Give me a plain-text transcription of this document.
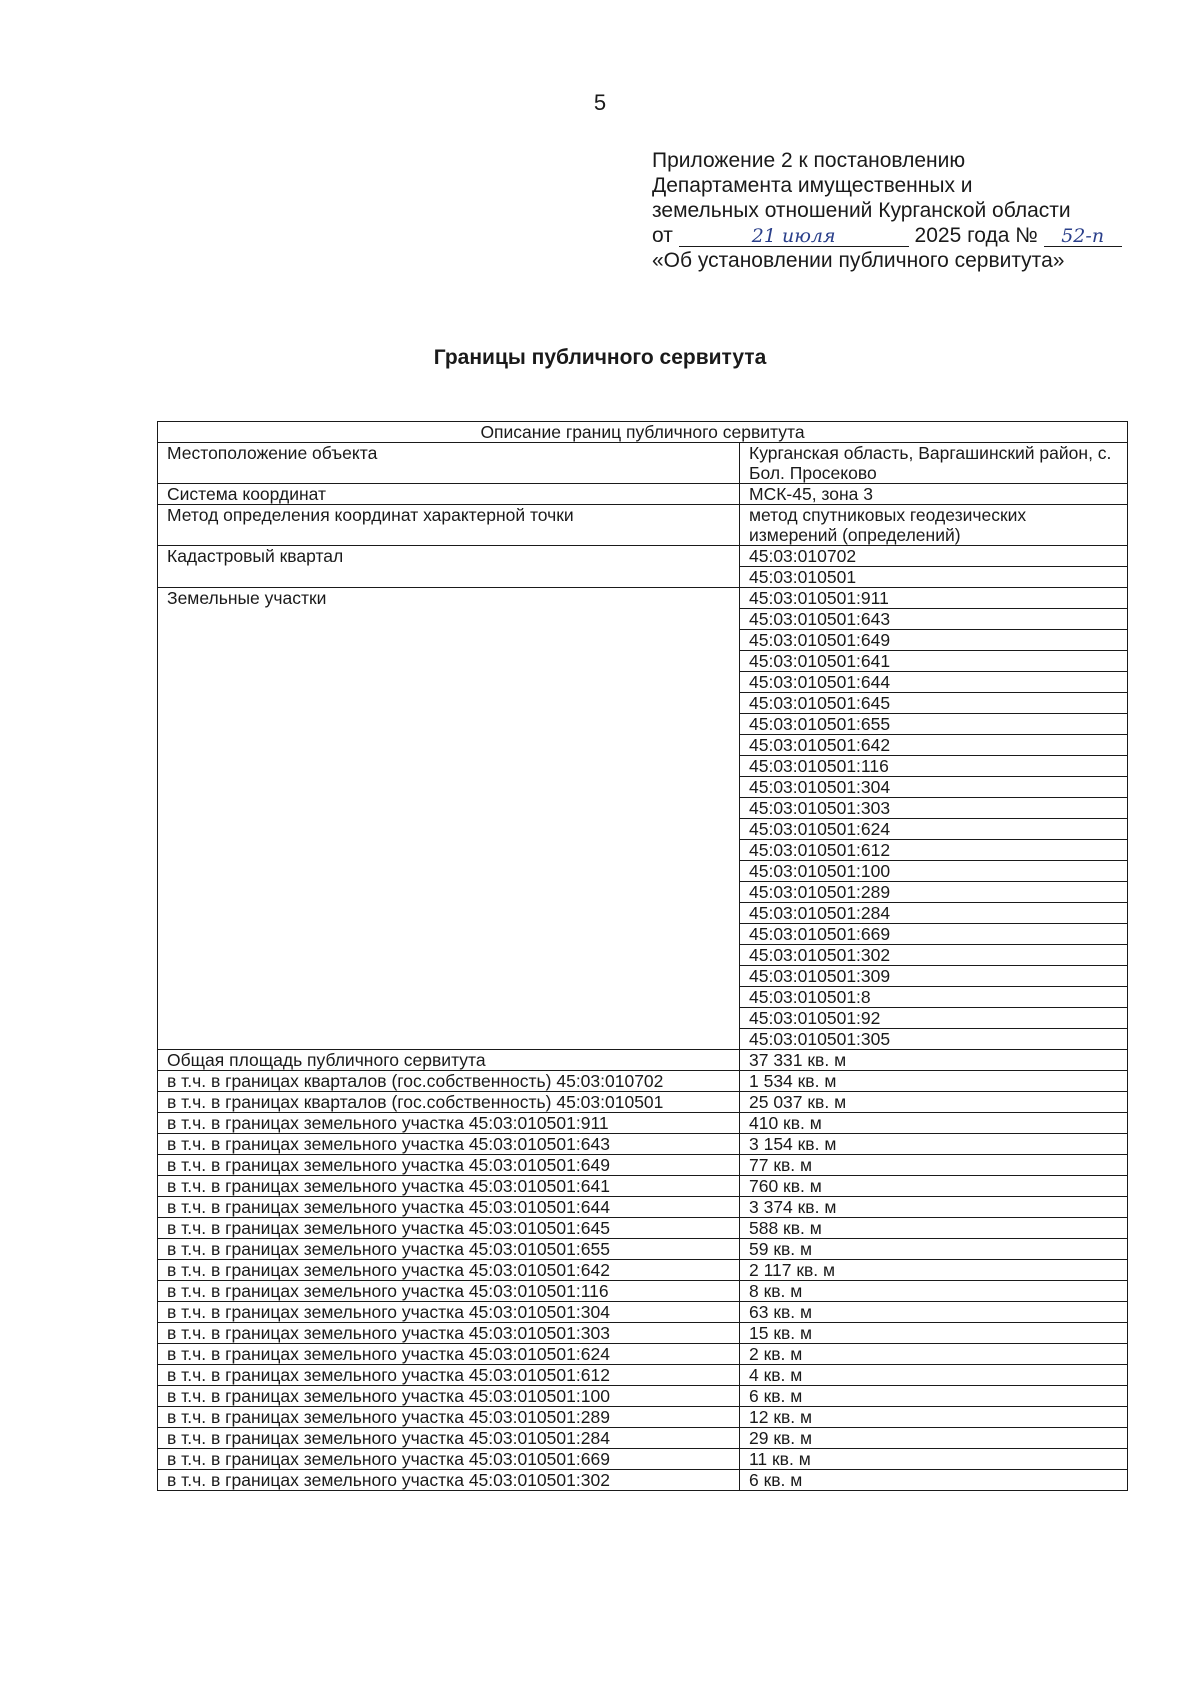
5
Приложение 2 к постановлению
Департамента имущественных и
земельных отношений Курганской области
от	21 июля	2025 года № 52-п
«Об установлении публичного сервитута»
Границы публичного сервитута
Описание границ публичного сервитута	
Местоположение объекта	Курганская область, Варгашинский район, с. Бол. Просеково
Система координат	МСК-45, зона 3
Метод определения координат характерной точки	метод спутниковых геодезических измерений (определений)
Кадастровый квартал	45:03:010702
	45:03:010501
Земельные участки	45:03:010501:911
	45:03:010501:643
	45:03:010501:649
	45:03:010501:641
	45:03:010501:644
	45:03:010501:645
	45:03:010501:655
	45:03:010501:642
	45:03:010501:116
	45:03:010501:304
	45:03:010501:303
	45:03:010501:624
	45:03:010501:612
	45:03:010501:100
	45:03:010501:289
	45:03:010501:284
	45:03:010501:669
	45:03:010501:302
	45:03:010501:309
	45:03:010501:8
	45:03:010501:92
	45:03:010501:305
Общая площадь публичного сервитута	37 331 кв. м
в т.ч. в границах кварталов (гос.собственность) 45:03:010702	1 534 кв. м
в т.ч. в границах кварталов (гос.собственность) 45:03:010501	25 037 кв. м
в т.ч. в границах земельного участка 45:03:010501:911	410 кв. м
в т.ч. в границах земельного участка 45:03:010501:643	3 154 кв. м
в т.ч. в границах земельного участка 45:03:010501:649	77 кв. м
в т.ч. в границах земельного участка 45:03:010501:641	760 кв. м
в т.ч. в границах земельного участка 45:03:010501:644	3 374 кв. м
в т.ч. в границах земельного участка 45:03:010501:645	588 кв. м
в т.ч. в границах земельного участка 45:03:010501:655	59 кв. м
в т.ч. в границах земельного участка 45:03:010501:642	2 117 кв. м
в т.ч. в границах земельного участка 45:03:010501:116	8 кв. м
в т.ч. в границах земельного участка 45:03:010501:304	63 кв. м
в т.ч. в границах земельного участка 45:03:010501:303	15 кв. м
в т.ч. в границах земельного участка 45:03:010501:624	2 кв. м
в т.ч. в границах земельного участка 45:03:010501:612	4 кв. м
в т.ч. в границах земельного участка 45:03:010501:100	6 кв. м
в т.ч. в границах земельного участка 45:03:010501:289	12 кв. м
в т.ч. в границах земельного участка 45:03:010501:284	29 кв. м
в т.ч. в границах земельного участка 45:03:010501:669	11 кв. м
в т.ч. в границах земельного участка 45:03:010501:302	6 кв. м
